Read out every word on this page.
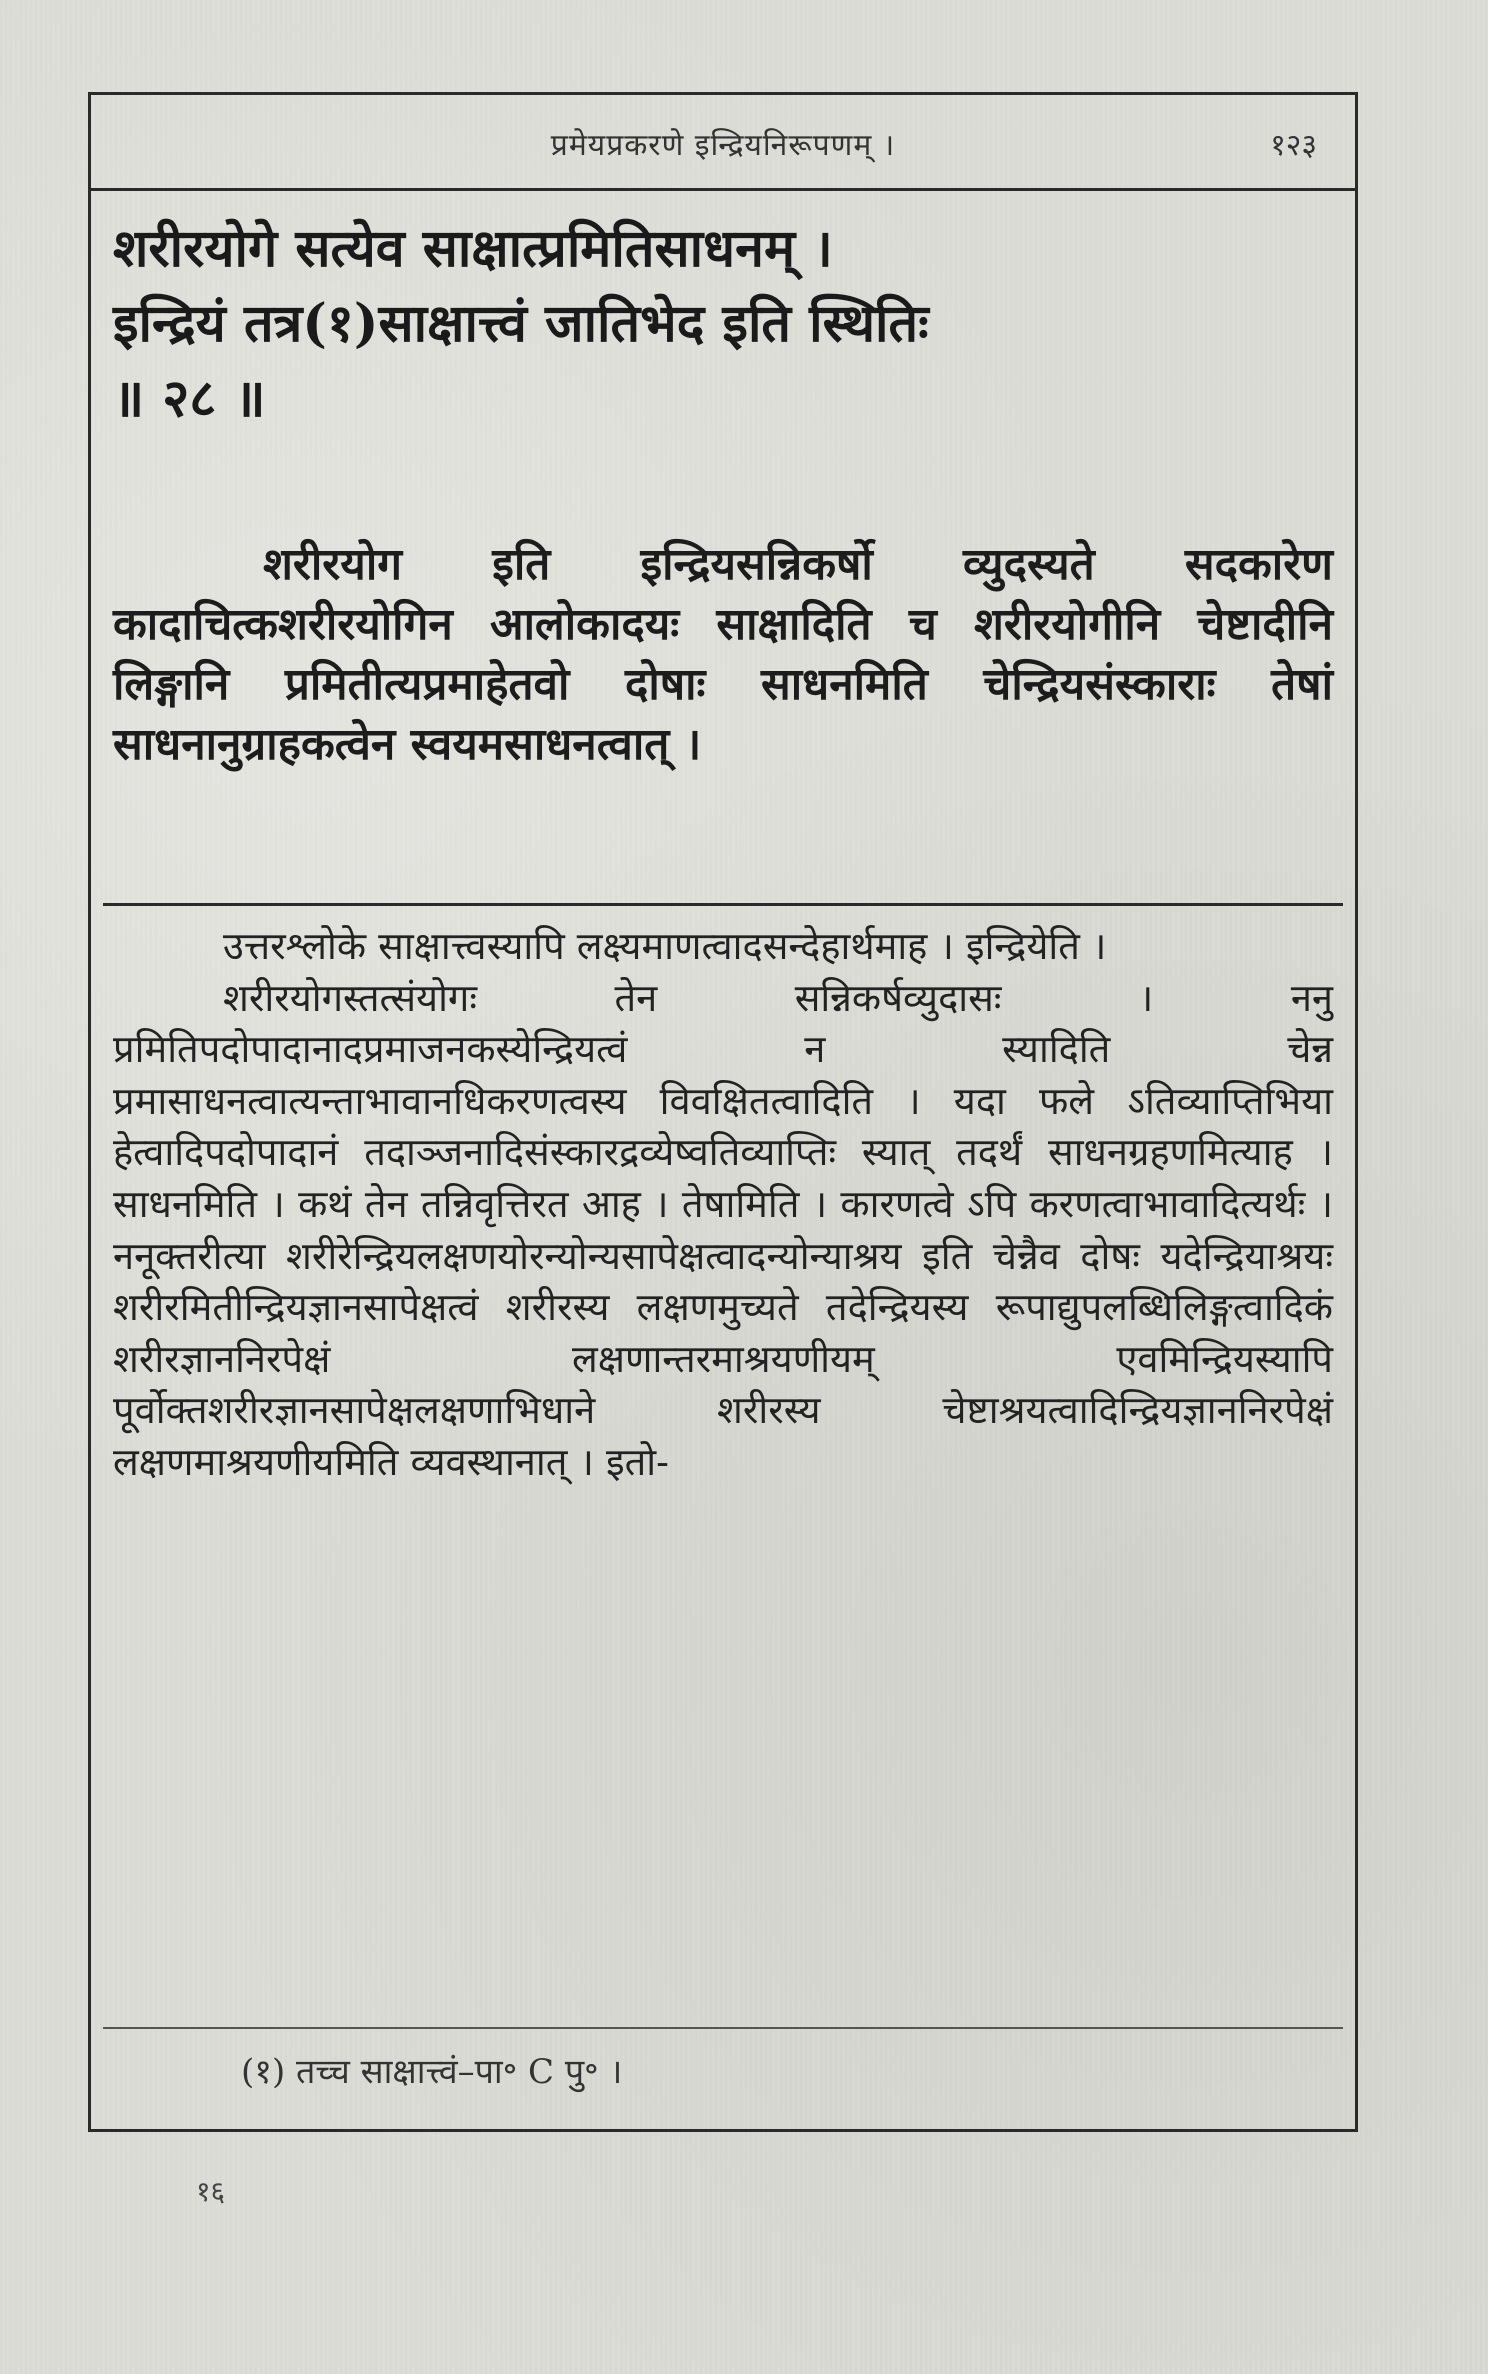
प्रमेयप्रकरणे इन्द्रियनिरूपणम् ।	१२३

शरीरयोगे सत्येव साक्षात्प्रमितिसाधनम् ।

इन्द्रियं तत्र(१)साक्षात्त्वं जातिभेद इति स्थितिः

॥ २८ ॥

शरीरयोग इति इन्द्रियसन्निकर्षो व्युदस्यते सदकारेण कादाचित्कशरीरयोगिन आलोकादयः साक्षादिति च शरीरयोगीनि चेष्टादीनि लिङ्गानि प्रमितीत्यप्रमाहेतवो दोषाः साधनमिति चेन्द्रियसंस्काराः तेषां साधनानुग्राहकत्वेन स्वयमसाधनत्वात् ।

उत्तरश्लोके साक्षात्त्वस्यापि लक्ष्यमाणत्वादसन्देहार्थमाह । इन्द्रियेति ।

शरीरयोगस्तत्संयोगः तेन सन्निकर्षव्युदासः । ननु प्रमितिपदोपादानादप्रमाजनकस्येन्द्रियत्वं न स्यादिति चेन्न प्रमासाधनत्वात्यन्ताभावानधिकरणत्वस्य विवक्षितत्वादिति । यदा फले ऽतिव्याप्तिभिया हेत्वादिपदोपादानं तदाञ्जनादिसंस्कारद्रव्येष्वतिव्याप्तिः स्यात् तदर्थं साधनग्रहणमित्याह । साधनमिति । कथं तेन तन्निवृत्तिरत आह । तेषामिति । कारणत्वे ऽपि करणत्वाभावादित्यर्थः । ननूक्तरीत्या शरीरेन्द्रियलक्षणयोरन्योन्यसापेक्षत्वादन्योन्याश्रय इति चेन्नैव दोषः यदेन्द्रियाश्रयः शरीरमितीन्द्रियज्ञानसापेक्षत्वं शरीरस्य लक्षणमुच्यते तदेन्द्रियस्य रूपाद्युपलब्धिलिङ्गत्वादिकं शरीरज्ञाननिरपेक्षं लक्षणान्तरमाश्रयणीयम् एवमिन्द्रियस्यापि पूर्वोक्तशरीरज्ञानसापेक्षलक्षणाभिधाने शरीरस्य चेष्टाश्रयत्वादिन्द्रियज्ञाननिरपेक्षं लक्षणमाश्रयणीयमिति व्यवस्थानात् । इतो-

(१) तच्च साक्षात्त्वं–पा॰ C पु॰ ।
१६
